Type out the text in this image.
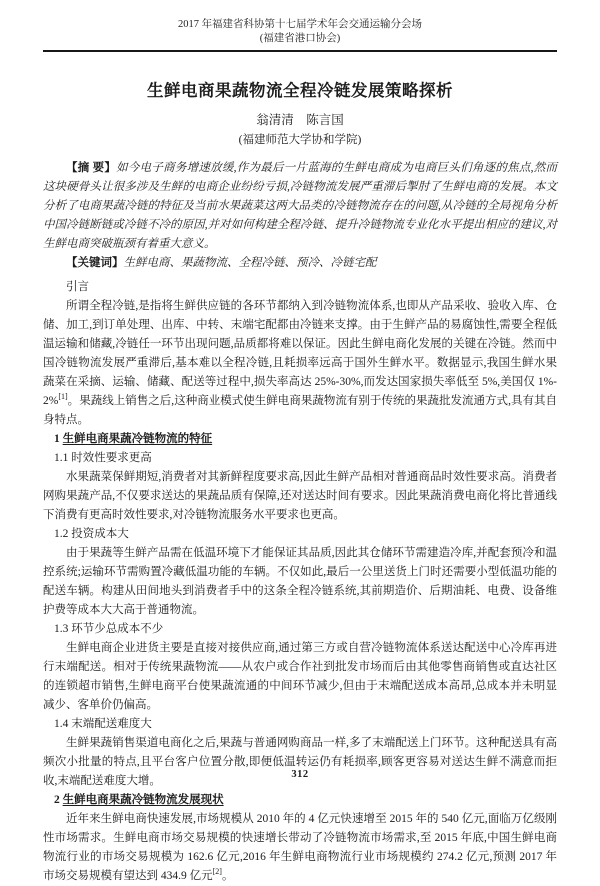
2017 年福建省科协第十七届学术年会交通运输分会场
(福建省港口协会)
生鲜电商果蔬物流全程冷链发展策略探析
翁清清　陈言国
(福建师范大学协和学院)

【摘 要】如今电子商务增速放缓,作为最后一片蓝海的生鲜电商成为电商巨头们角逐的焦点,然而这块硬骨头让很多涉及生鲜的电商企业纷纷亏损,冷链物流发展严重滞后掣肘了生鲜电商的发展。本文分析了电商果蔬冷链的特征及当前水果蔬菜这两大品类的冷链物流存在的问题,从冷链的全局视角分析中国冷链断链或冷链不冷的原因,并对如何构建全程冷链、提升冷链物流专业化水平提出相应的建议,对生鲜电商突破瓶颈有着重大意义。

【关键词】生鲜电商、果蔬物流、全程冷链、预冷、冷链宅配

引言
所谓全程冷链,是指将生鲜供应链的各环节都纳入到冷链物流体系,也即从产品采收、验收入库、仓储、加工,到订单处理、出库、中转、末端宅配都由冷链来支撑。由于生鲜产品的易腐蚀性,需要全程低温运输和储藏,冷链任一环节出现问题,品质都将难以保证。因此生鲜电商化发展的关键在冷链。然而中国冷链物流发展严重滞后,基本难以全程冷链,且耗损率远高于国外生鲜水平。数据显示,我国生鲜水果蔬菜在采摘、运输、储藏、配送等过程中,损失率高达 25%-30%,而发达国家损失率低至 5%,美国仅 1%-2%[1]。果蔬线上销售之后,这种商业模式使生鲜电商果蔬物流有别于传统的果蔬批发流通方式,具有其自身特点。
1 生鲜电商果蔬冷链物流的特征
1.1 时效性要求更高
水果蔬菜保鲜期短,消费者对其新鲜程度要求高,因此生鲜产品相对普通商品时效性要求高。消费者网购果蔬产品,不仅要求送达的果蔬品质有保障,还对送达时间有要求。因此果蔬消费电商化将比普通线下消费有更高时效性要求,对冷链物流服务水平要求也更高。
1.2 投资成本大
由于果蔬等生鲜产品需在低温环境下才能保证其品质,因此其仓储环节需建造冷库,并配套预冷和温控系统;运输环节需购置冷藏低温功能的车辆。不仅如此,最后一公里送货上门时还需要小型低温功能的配送车辆。构建从田间地头到消费者手中的这条全程冷链系统,其前期造价、后期油耗、电费、设备维护费等成本大大高于普通物流。
1.3 环节少总成本不少
生鲜电商企业进货主要是直接对接供应商,通过第三方或自营冷链物流体系送达配送中心冷库再进行末端配送。相对于传统果蔬物流——从农户或合作社到批发市场而后由其他零售商销售或直达社区的连锁超市销售,生鲜电商平台使果蔬流通的中间环节减少,但由于末端配送成本高昂,总成本并未明显减少、客单价仍偏高。
1.4 末端配送难度大
生鲜果蔬销售渠道电商化之后,果蔬与普通网购商品一样,多了末端配送上门环节。这种配送具有高频次小批量的特点,且平台客户位置分散,即便低温转运仍有耗损率,顾客更容易对送达生鲜不满意而拒收,末端配送难度大增。
2 生鲜电商果蔬冷链物流发展现状
近年来生鲜电商快速发展,市场规模从 2010 年的 4 亿元快速增至 2015 年的 540 亿元,面临万亿级刚性市场需求。生鲜电商市场交易规模的快速增长带动了冷链物流市场需求,至 2015 年底,中国生鲜电商物流行业的市场交易规模为 162.6 亿元,2016 年生鲜电商物流行业市场规模约 274.2 亿元,预测 2017 年市场交易规模有望达到 434.9 亿元[2]。
312
